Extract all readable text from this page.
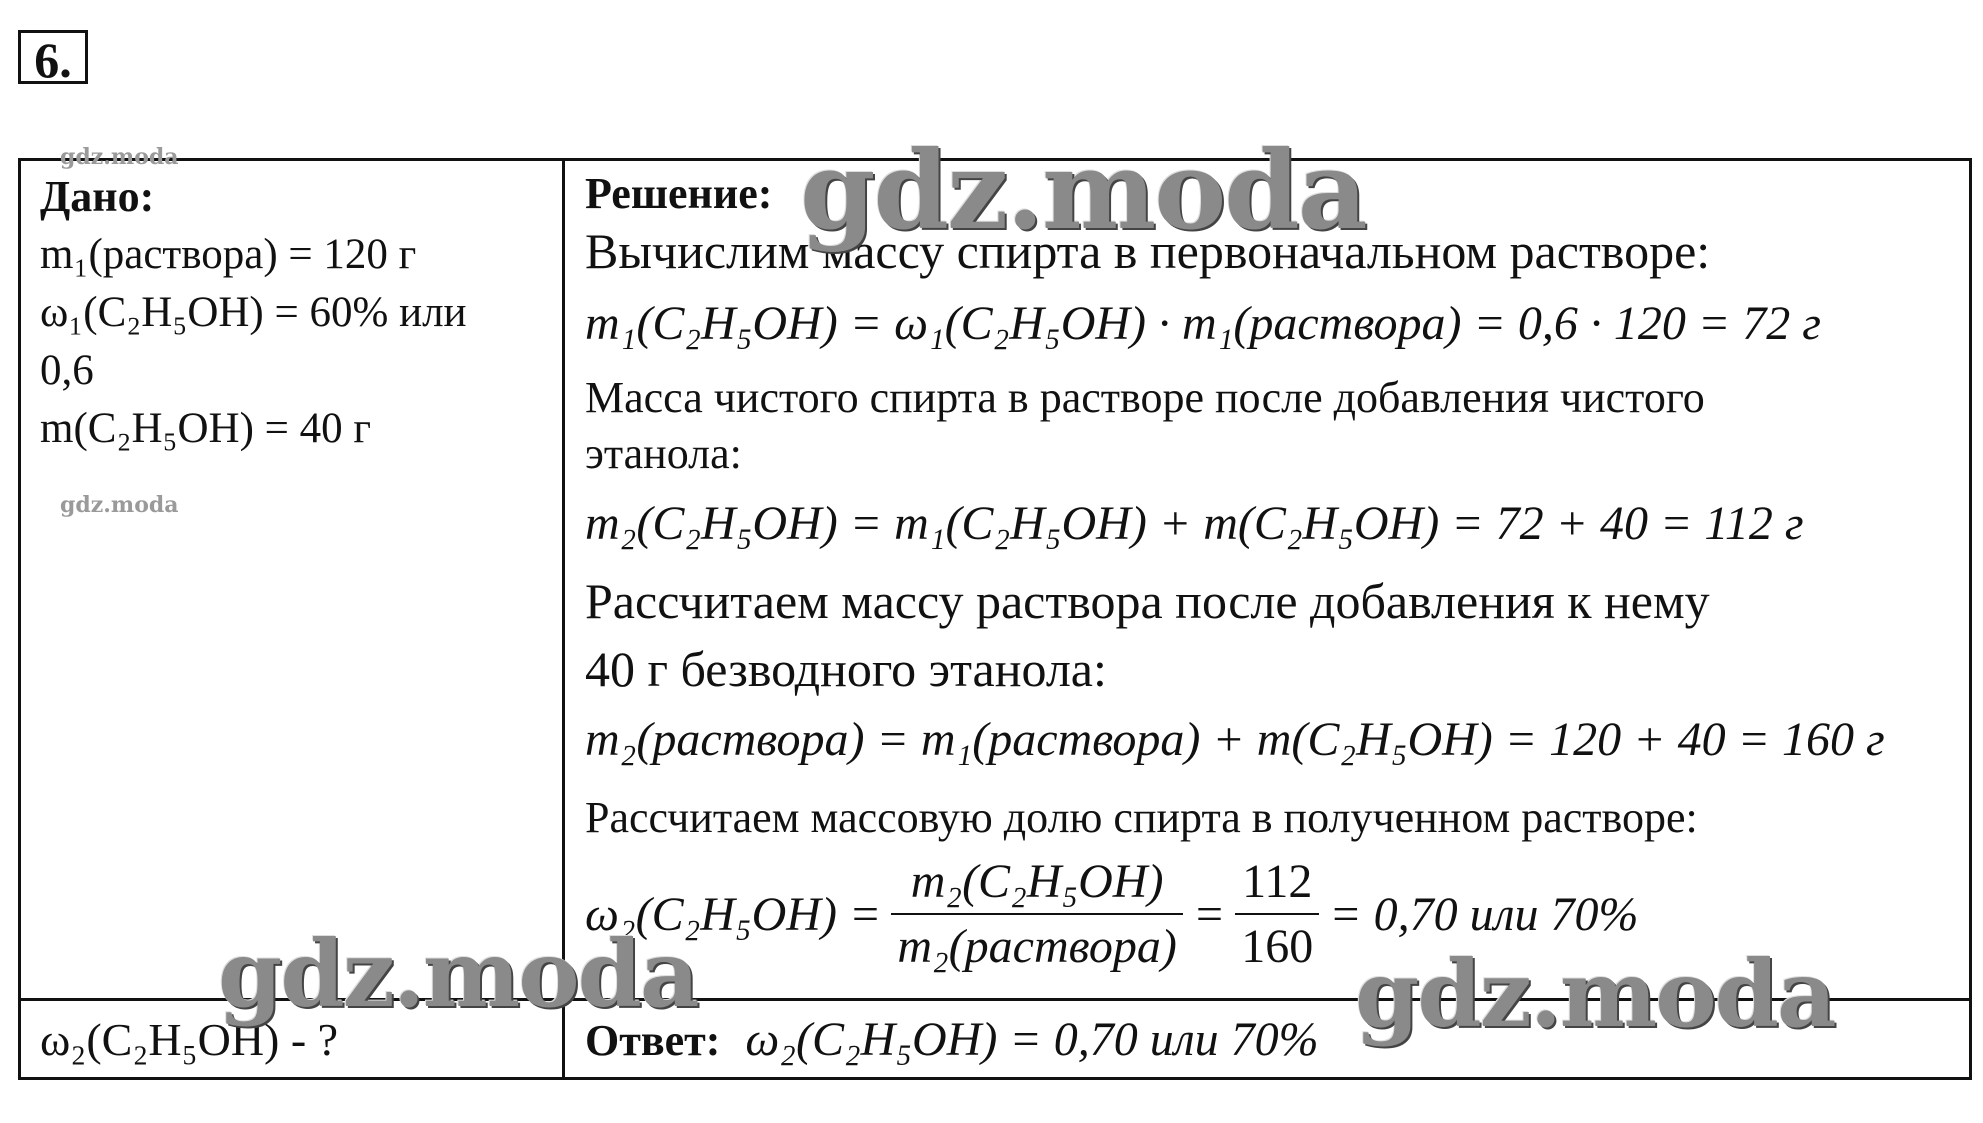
6.
Дано:
m₁(раствора) = 120 г
ω₁(C₂H₅OH) = 60% или
0,6
m(C₂H₅OH) = 40 г
ω₂(C₂H₅OH) - ?
Решение:
Вычислим массу спирта в первоначальном растворе:
m₁(C₂H₅OH) = ω₁(C₂H₅OH) · m₁(раствора) = 0,6 · 120 = 72 г
Масса чистого спирта в растворе после добавления чистого
этанола:
m₂(C₂H₅OH) = m₁(C₂H₅OH) + m(C₂H₅OH) = 72 + 40 = 112 г
Рассчитаем массу раствора после добавления к нему
40 г безводного этанола:
m₂(раствора) = m₁(раствора) + m(C₂H₅OH) = 120 + 40 = 160 г
Рассчитаем массовую долю спирта в полученном растворе:
$\omega_2(C_2H_5OH) = \frac{\text{m₂(C₂H₅OH)}}{\text{m₂(раствора)}} = \frac{112}{160} = 0,70$ или 70%
Ответ: ω₂(C₂H₅OH) = 0,70 или 70%
gdz.moda
gdz.moda	gdz.moda
gdz.moda
gdz.moda
